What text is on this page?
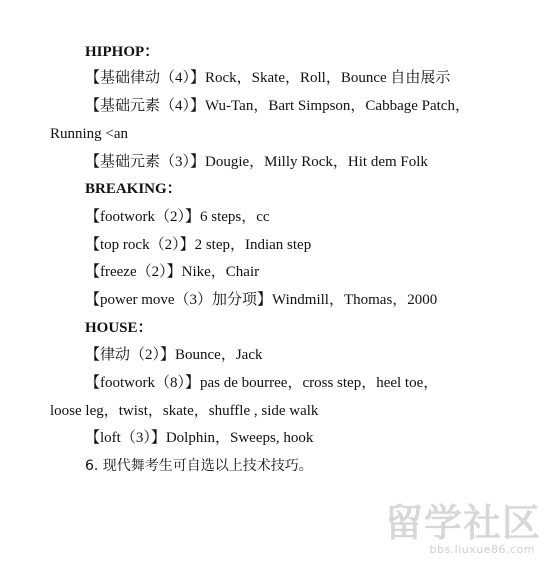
HIPHOP：
【基础律动（4）】Rock，Skate，Roll，Bounce 自由展示
【基础元素（4）】Wu-Tan，Bart Simpson，Cabbage Patch，
Running <an
【基础元素（3）】Dougie，Milly Rock，Hit dem Folk
BREAKING：
【footwork（2）】6 steps，cc
【top rock（2）】2 step，Indian step
【freeze（2）】Nike，Chair
【power move（3）加分项】Windmill，Thomas，2000
HOUSE：
【律动（2）】Bounce，Jack
【footwork（8）】pas de bourree，cross step，heel toe，
loose leg，twist，skate，shuffle , side walk
【loft（3）】Dolphin，Sweeps, hook
6. 现代舞考生可自选以上技术技巧。
留学社区
bbs.liuxue86.com
